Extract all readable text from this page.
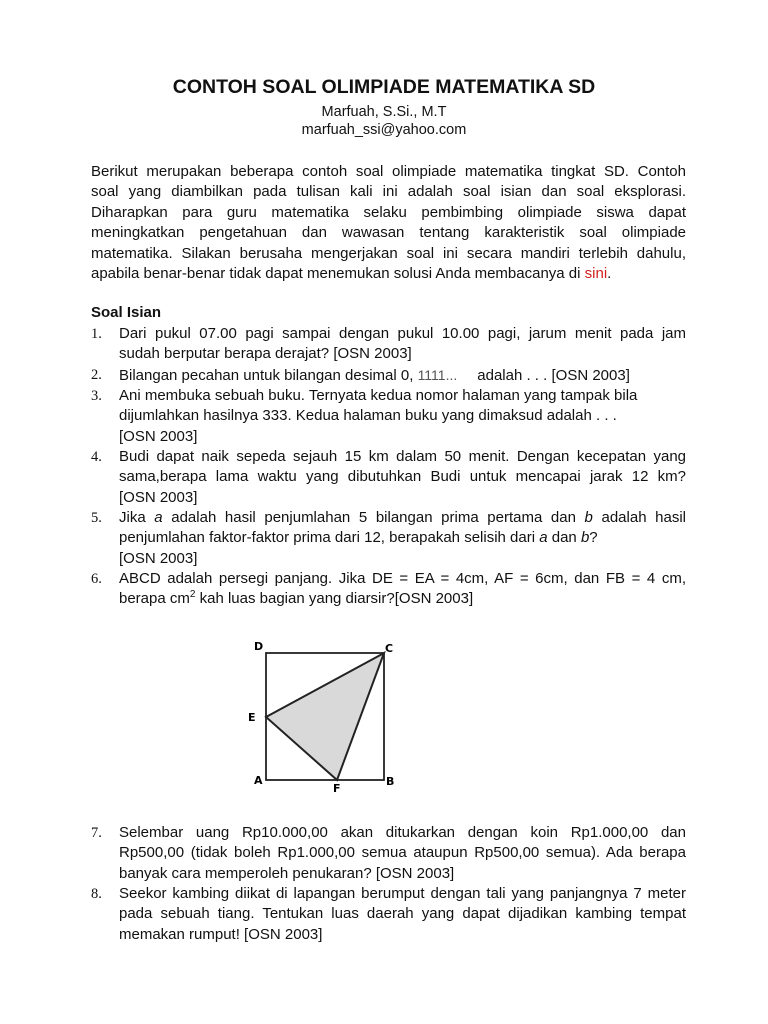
CONTOH SOAL OLIMPIADE MATEMATIKA SD
Marfuah, S.Si., M.T
marfuah_ssi@yahoo.com
Berikut merupakan beberapa contoh soal olimpiade matematika tingkat SD. Contoh
soal yang diambilkan pada tulisan kali ini adalah soal isian dan soal eksplorasi.
Diharapkan para guru matematika selaku pembimbing olimpiade siswa dapat
meningkatkan pengetahuan dan wawasan tentang karakteristik soal olimpiade
matematika. Silakan berusaha mengerjakan soal ini secara mandiri terlebih dahulu,
apabila benar-benar tidak dapat menemukan solusi Anda membacanya di sini.
Soal Isian
1. Dari pukul 07.00 pagi sampai dengan pukul 10.00 pagi, jarum menit pada jam
sudah berputar berapa derajat? [OSN 2003]
2. Bilangan pecahan untuk bilangan desimal 0, 1111... adalah . . . [OSN 2003]
3. Ani membuka sebuah buku. Ternyata kedua nomor halaman yang tampak bila
dijumlahkan hasilnya 333. Kedua halaman buku yang dimaksud adalah . . .
[OSN 2003]
4. Budi dapat naik sepeda sejauh 15 km dalam 50 menit. Dengan kecepatan yang
sama,berapa lama waktu yang dibutuhkan Budi untuk mencapai jarak 12 km?
[OSN 2003]
5. Jika a adalah hasil penjumlahan 5 bilangan prima pertama dan b adalah hasil
penjumlahan faktor-faktor prima dari 12, berapakah selisih dari a dan b?
[OSN 2003]
6. ABCD adalah persegi panjang. Jika DE = EA = 4cm, AF = 6cm, dan FB = 4 cm,
berapa $cm^2$ kah luas bagian yang diarsir?[OSN 2003]
D	C
E
A	B
F
7. Selembar uang Rp10.000,00 akan ditukarkan dengan koin Rp1.000,00 dan
Rp500,00 (tidak boleh Rp1.000,00 semua ataupun Rp500,00 semua). Ada berapa
banyak cara memperoleh penukaran? [OSN 2003]
8. Seekor kambing diikat di lapangan berumput dengan tali yang panjangnya 7 meter
pada sebuah tiang. Tentukan luas daerah yang dapat dijadikan kambing tempat
memakan rumput! [OSN 2003]
